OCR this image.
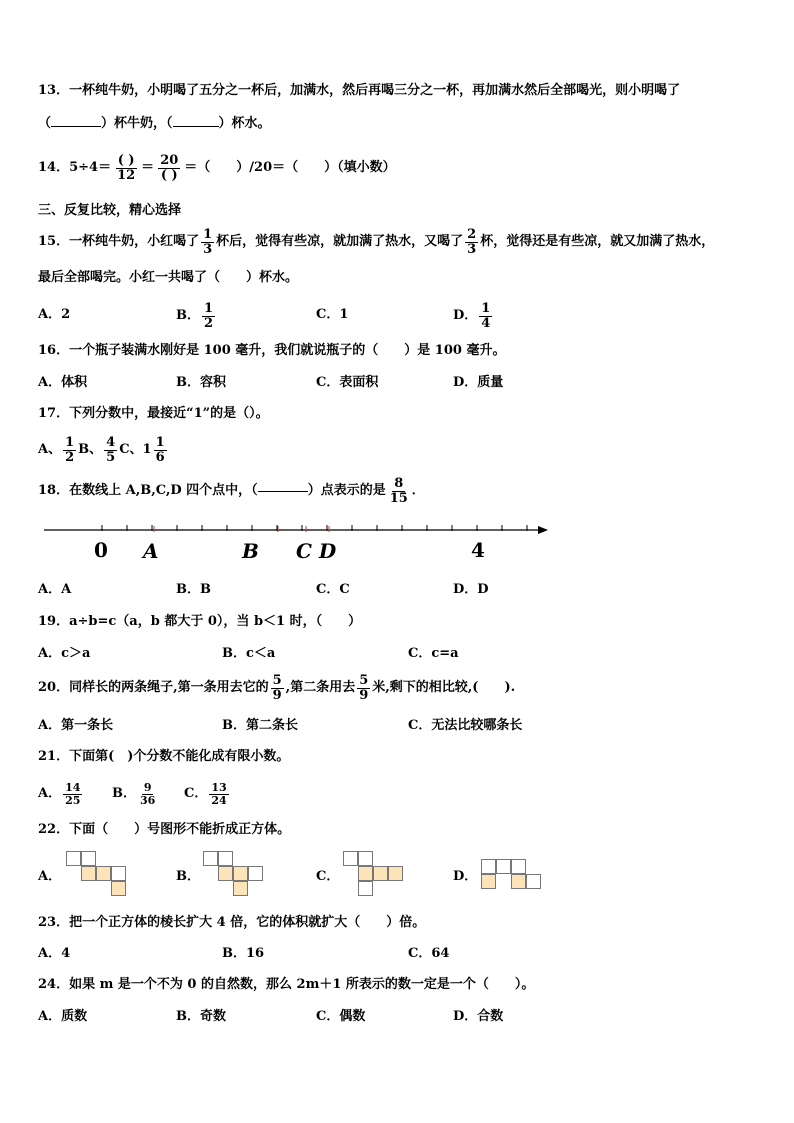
13．一杯纯牛奶，小明喝了五分之一杯后，加满水，然后再喝三分之一杯，再加满水然后全部喝光，则小明喝了
（	）杯牛奶，（	）杯水。
14．$5\div 4= \frac{( )}{12} = \frac{20}{( )}$ ＝（　　）/20＝（　　）（填小数）
三、反复比较，精心选择
15．一杯纯牛奶，小红喝了 $\frac{1}{3}$ 杯后，觉得有些凉，就加满了热水，又喝了 $\frac{2}{3}$ 杯，觉得还是有些凉，就又加满了热水，
最后全部喝完。小红一共喝了（　　）杯水。
A．2	B． $\frac{1}{2}$	C．1	D． $\frac{1}{4}$
16．一个瓶子装满水刚好是 100 毫升，我们就说瓶子的（　　）是 100 毫升。
A．体积	B．容积	C．表面积	D．质量
17．下列分数中，最接近“1”的是（）。
A、 $\frac{1}{2}$ B、 $\frac{4}{5}$ C、$1 \frac{1}{6}$
18．在数线上 A,B,C,D 四个点中，（	）点表示的是 $\frac{8}{15}$ ．
0 A	B C D	4
A．A	B．B	C．C	D．D
19．a÷b=c（a，b 都大于 0），当 b＜1 时，（　　）
A．c＞a	B．c＜a	C．c=a
20．同样长的两条绳子,第一条用去它的 $\frac{5}{9}$ ,第二条用去 $\frac{5}{9}$ 米,剩下的相比较,(　　).
A．第一条长	B．第二条长	C．无法比较哪条长
21．下面第(　)个分数不能化成有限小数。
A． $\frac{14}{25}$ B． $\frac{9}{36}$ C． $\frac{13}{24}$
22．下面（　　）号图形不能折成正方体。
A．	B．	C．	D．
23．把一个正方体的棱长扩大 4 倍，它的体积就扩大（　　）倍。
A．4	B．16	C．64
24．如果 m 是一个不为 0 的自然数，那么 2m＋1 所表示的数一定是一个（　　）。
A．质数	B．奇数	C．偶数	D．合数
